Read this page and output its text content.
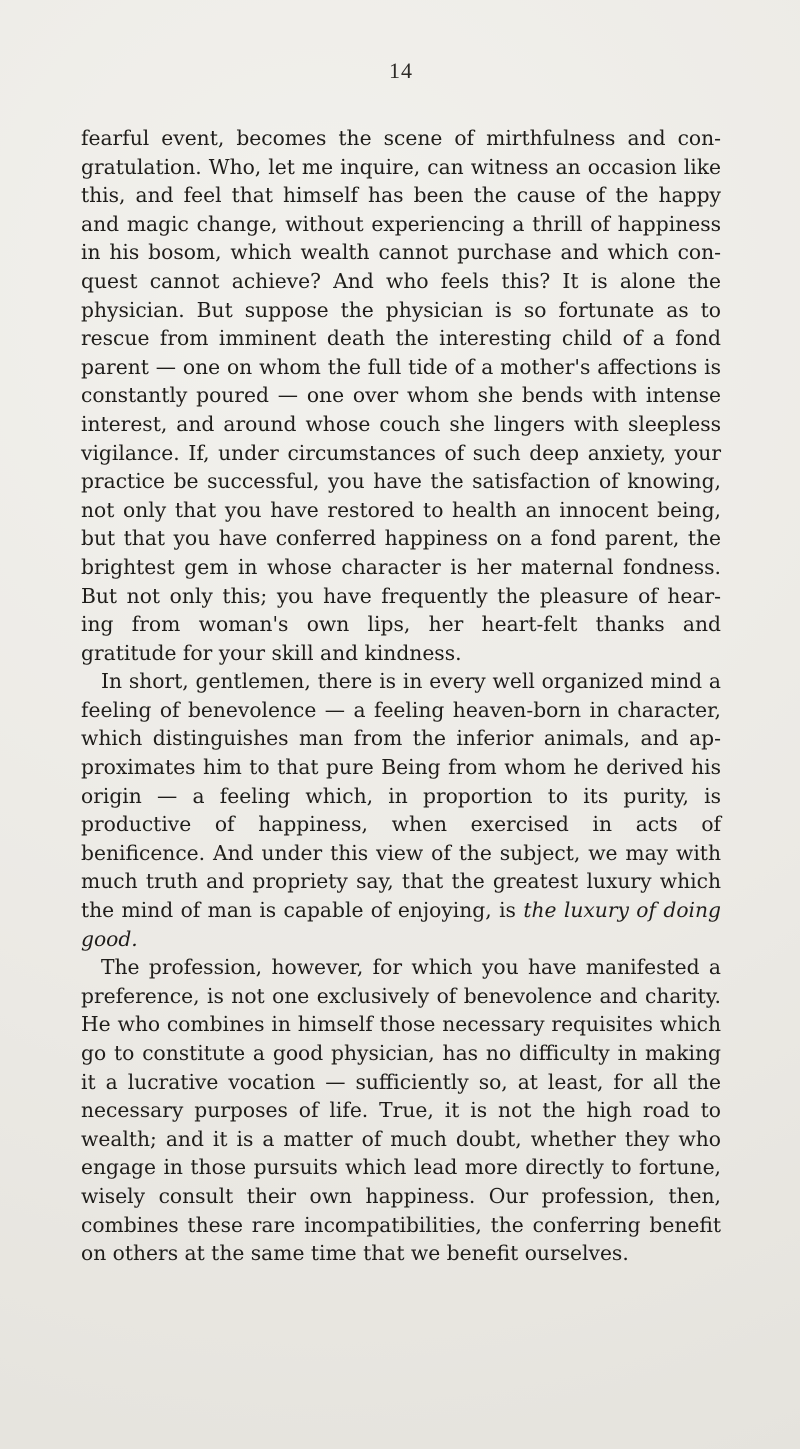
14

fearful event, becomes the scene of mirthfulness and con-gratulation. Who, let me inquire, can witness an occasion like this, and feel that himself has been the cause of the happy and magic change, without experiencing a thrill of happiness in his bosom, which wealth cannot purchase and which con-quest cannot achieve? And who feels this? It is alone the physician. But suppose the physician is so fortunate as to rescue from imminent death the interesting child of a fond parent — one on whom the full tide of a mother's affections is constantly poured — one over whom she bends with intense interest, and around whose couch she lingers with sleepless vigilance. If, under circumstances of such deep anxiety, your practice be successful, you have the satisfaction of knowing, not only that you have restored to health an innocent being, but that you have conferred happiness on a fond parent, the brightest gem in whose character is her maternal fondness. But not only this; you have frequently the pleasure of hear-ing from woman's own lips, her heart-felt thanks and gratitude for your skill and kindness.

In short, gentlemen, there is in every well organized mind a feeling of benevolence — a feeling heaven-born in character, which distinguishes man from the inferior animals, and ap-proximates him to that pure Being from whom he derived his origin — a feeling which, in proportion to its purity, is productive of happiness, when exercised in acts of benificence. And under this view of the subject, we may with much truth and propriety say, that the greatest luxury which the mind of man is capable of enjoying, is the luxury of doing good.

The profession, however, for which you have manifested a preference, is not one exclusively of benevolence and charity. He who combines in himself those necessary requisites which go to constitute a good physician, has no difficulty in making it a lucrative vocation — sufficiently so, at least, for all the necessary purposes of life. True, it is not the high road to wealth; and it is a matter of much doubt, whether they who engage in those pursuits which lead more directly to fortune, wisely consult their own happiness. Our profession, then, combines these rare incompatibilities, the conferring benefit on others at the same time that we benefit ourselves.
